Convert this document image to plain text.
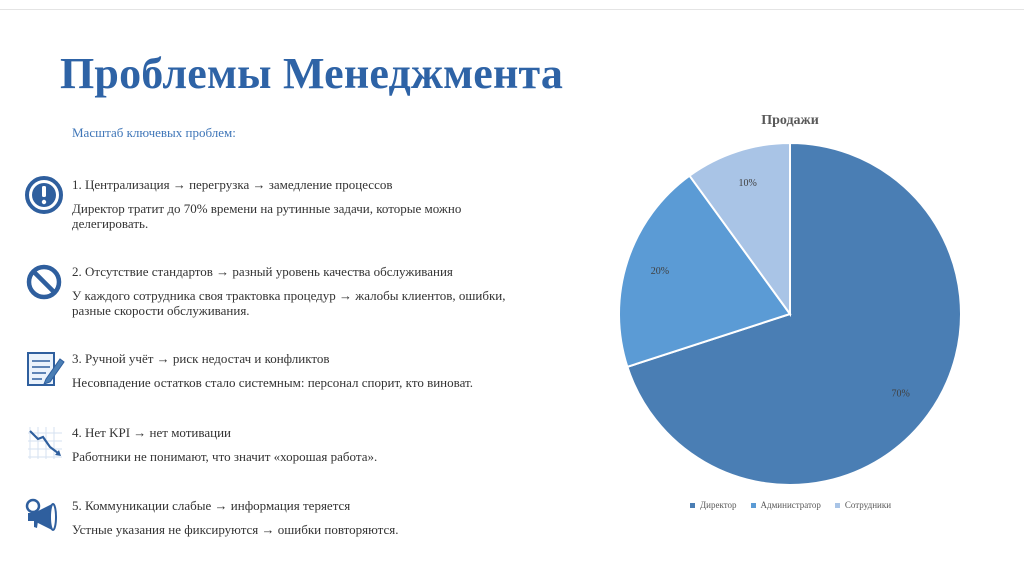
Проблемы Менеджмента
Масштаб ключевых проблем:
1. Централизация → перегрузка → замедление процессов
Директор тратит до 70% времени на рутинные задачи, которые можно делегировать.
2. Отсутствие стандартов → разный уровень качества обслуживания
У каждого сотрудника своя трактовка процедур → жалобы клиентов, ошибки, разные скорости обслуживания.
3. Ручной учёт → риск недостач и конфликтов
Несовпадение остатков стало системным: персонал спорит, кто виноват.
4. Нет KPI → нет мотивации
Работники не понимают, что значит «хорошая работа».
5. Коммуникации слабые → информация теряется
Устные указания не фиксируются → ошибки повторяются.
Продажи
70%
20%
10%
Директор	Администратор	Сотрудники
